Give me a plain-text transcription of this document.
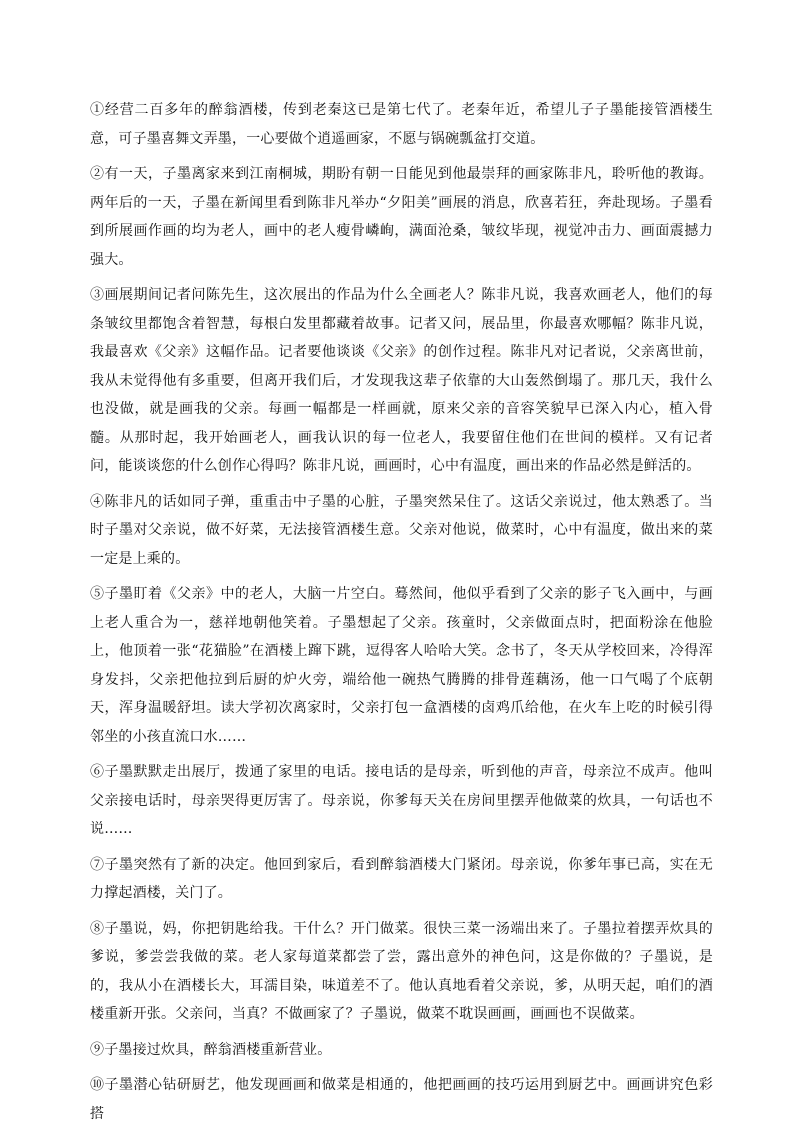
①经营二百多年的醉翁酒楼，传到老秦这已是第七代了。老秦年近，希望儿子子墨能接管酒楼生意，可子墨喜舞文弄墨，一心要做个逍遥画家，不愿与锅碗瓢盆打交道。

②有一天，子墨离家来到江南桐城，期盼有朝一日能见到他最崇拜的画家陈非凡，聆听他的教诲。两年后的一天，子墨在新闻里看到陈非凡举办“夕阳美”画展的消息，欣喜若狂，奔赴现场。子墨看到所展画作画的均为老人，画中的老人瘦骨嶙峋，满面沧桑，皱纹毕现，视觉冲击力、画面震撼力强大。

③画展期间记者问陈先生，这次展出的作品为什么全画老人？陈非凡说，我喜欢画老人，他们的每条皱纹里都饱含着智慧，每根白发里都藏着故事。记者又问，展品里，你最喜欢哪幅？陈非凡说，我最喜欢《父亲》这幅作品。记者要他谈谈《父亲》的创作过程。陈非凡对记者说，父亲离世前，我从未觉得他有多重要，但离开我们后，才发现我这辈子依靠的大山轰然倒塌了。那几天，我什么也没做，就是画我的父亲。每画一幅都是一样画就，原来父亲的音容笑貌早已深入内心，植入骨髓。从那时起，我开始画老人，画我认识的每一位老人，我要留住他们在世间的模样。又有记者问，能谈谈您的什么创作心得吗？陈非凡说，画画时，心中有温度，画出来的作品必然是鲜活的。

④陈非凡的话如同子弹，重重击中子墨的心脏，子墨突然呆住了。这话父亲说过，他太熟悉了。当时子墨对父亲说，做不好菜，无法接管酒楼生意。父亲对他说，做菜时，心中有温度，做出来的菜一定是上乘的。

⑤子墨盯着《父亲》中的老人，大脑一片空白。蓦然间，他似乎看到了父亲的影子飞入画中，与画上老人重合为一，慈祥地朝他笑着。子墨想起了父亲。孩童时，父亲做面点时，把面粉涂在他脸上，他顶着一张“花猫脸”在酒楼上蹿下跳，逗得客人哈哈大笑。念书了，冬天从学校回来，冷得浑身发抖，父亲把他拉到后厨的炉火旁，端给他一碗热气腾腾的排骨莲藕汤，他一口气喝了个底朝天，浑身温暖舒坦。读大学初次离家时，父亲打包一盒酒楼的卤鸡爪给他，在火车上吃的时候引得邻坐的小孩直流口水……

⑥子墨默默走出展厅，拨通了家里的电话。接电话的是母亲，听到他的声音，母亲泣不成声。他叫父亲接电话时，母亲哭得更厉害了。母亲说，你爹每天关在房间里摆弄他做菜的炊具，一句话也不说……

⑦子墨突然有了新的决定。他回到家后，看到醉翁酒楼大门紧闭。母亲说，你爹年事已高，实在无力撑起酒楼，关门了。

⑧子墨说，妈，你把钥匙给我。干什么？开门做菜。很快三菜一汤端出来了。子墨拉着摆弄炊具的爹说，爹尝尝我做的菜。老人家每道菜都尝了尝，露出意外的神色问，这是你做的？子墨说，是的，我从小在酒楼长大，耳濡目染，味道差不了。他认真地看着父亲说，爹，从明天起，咱们的酒楼重新开张。父亲问，当真？不做画家了？子墨说，做菜不耽误画画，画画也不误做菜。

⑨子墨接过炊具，醉翁酒楼重新营业。

⑩子墨潜心钻研厨艺，他发现画画和做菜是相通的，他把画画的技巧运用到厨艺中。画画讲究色彩搭
